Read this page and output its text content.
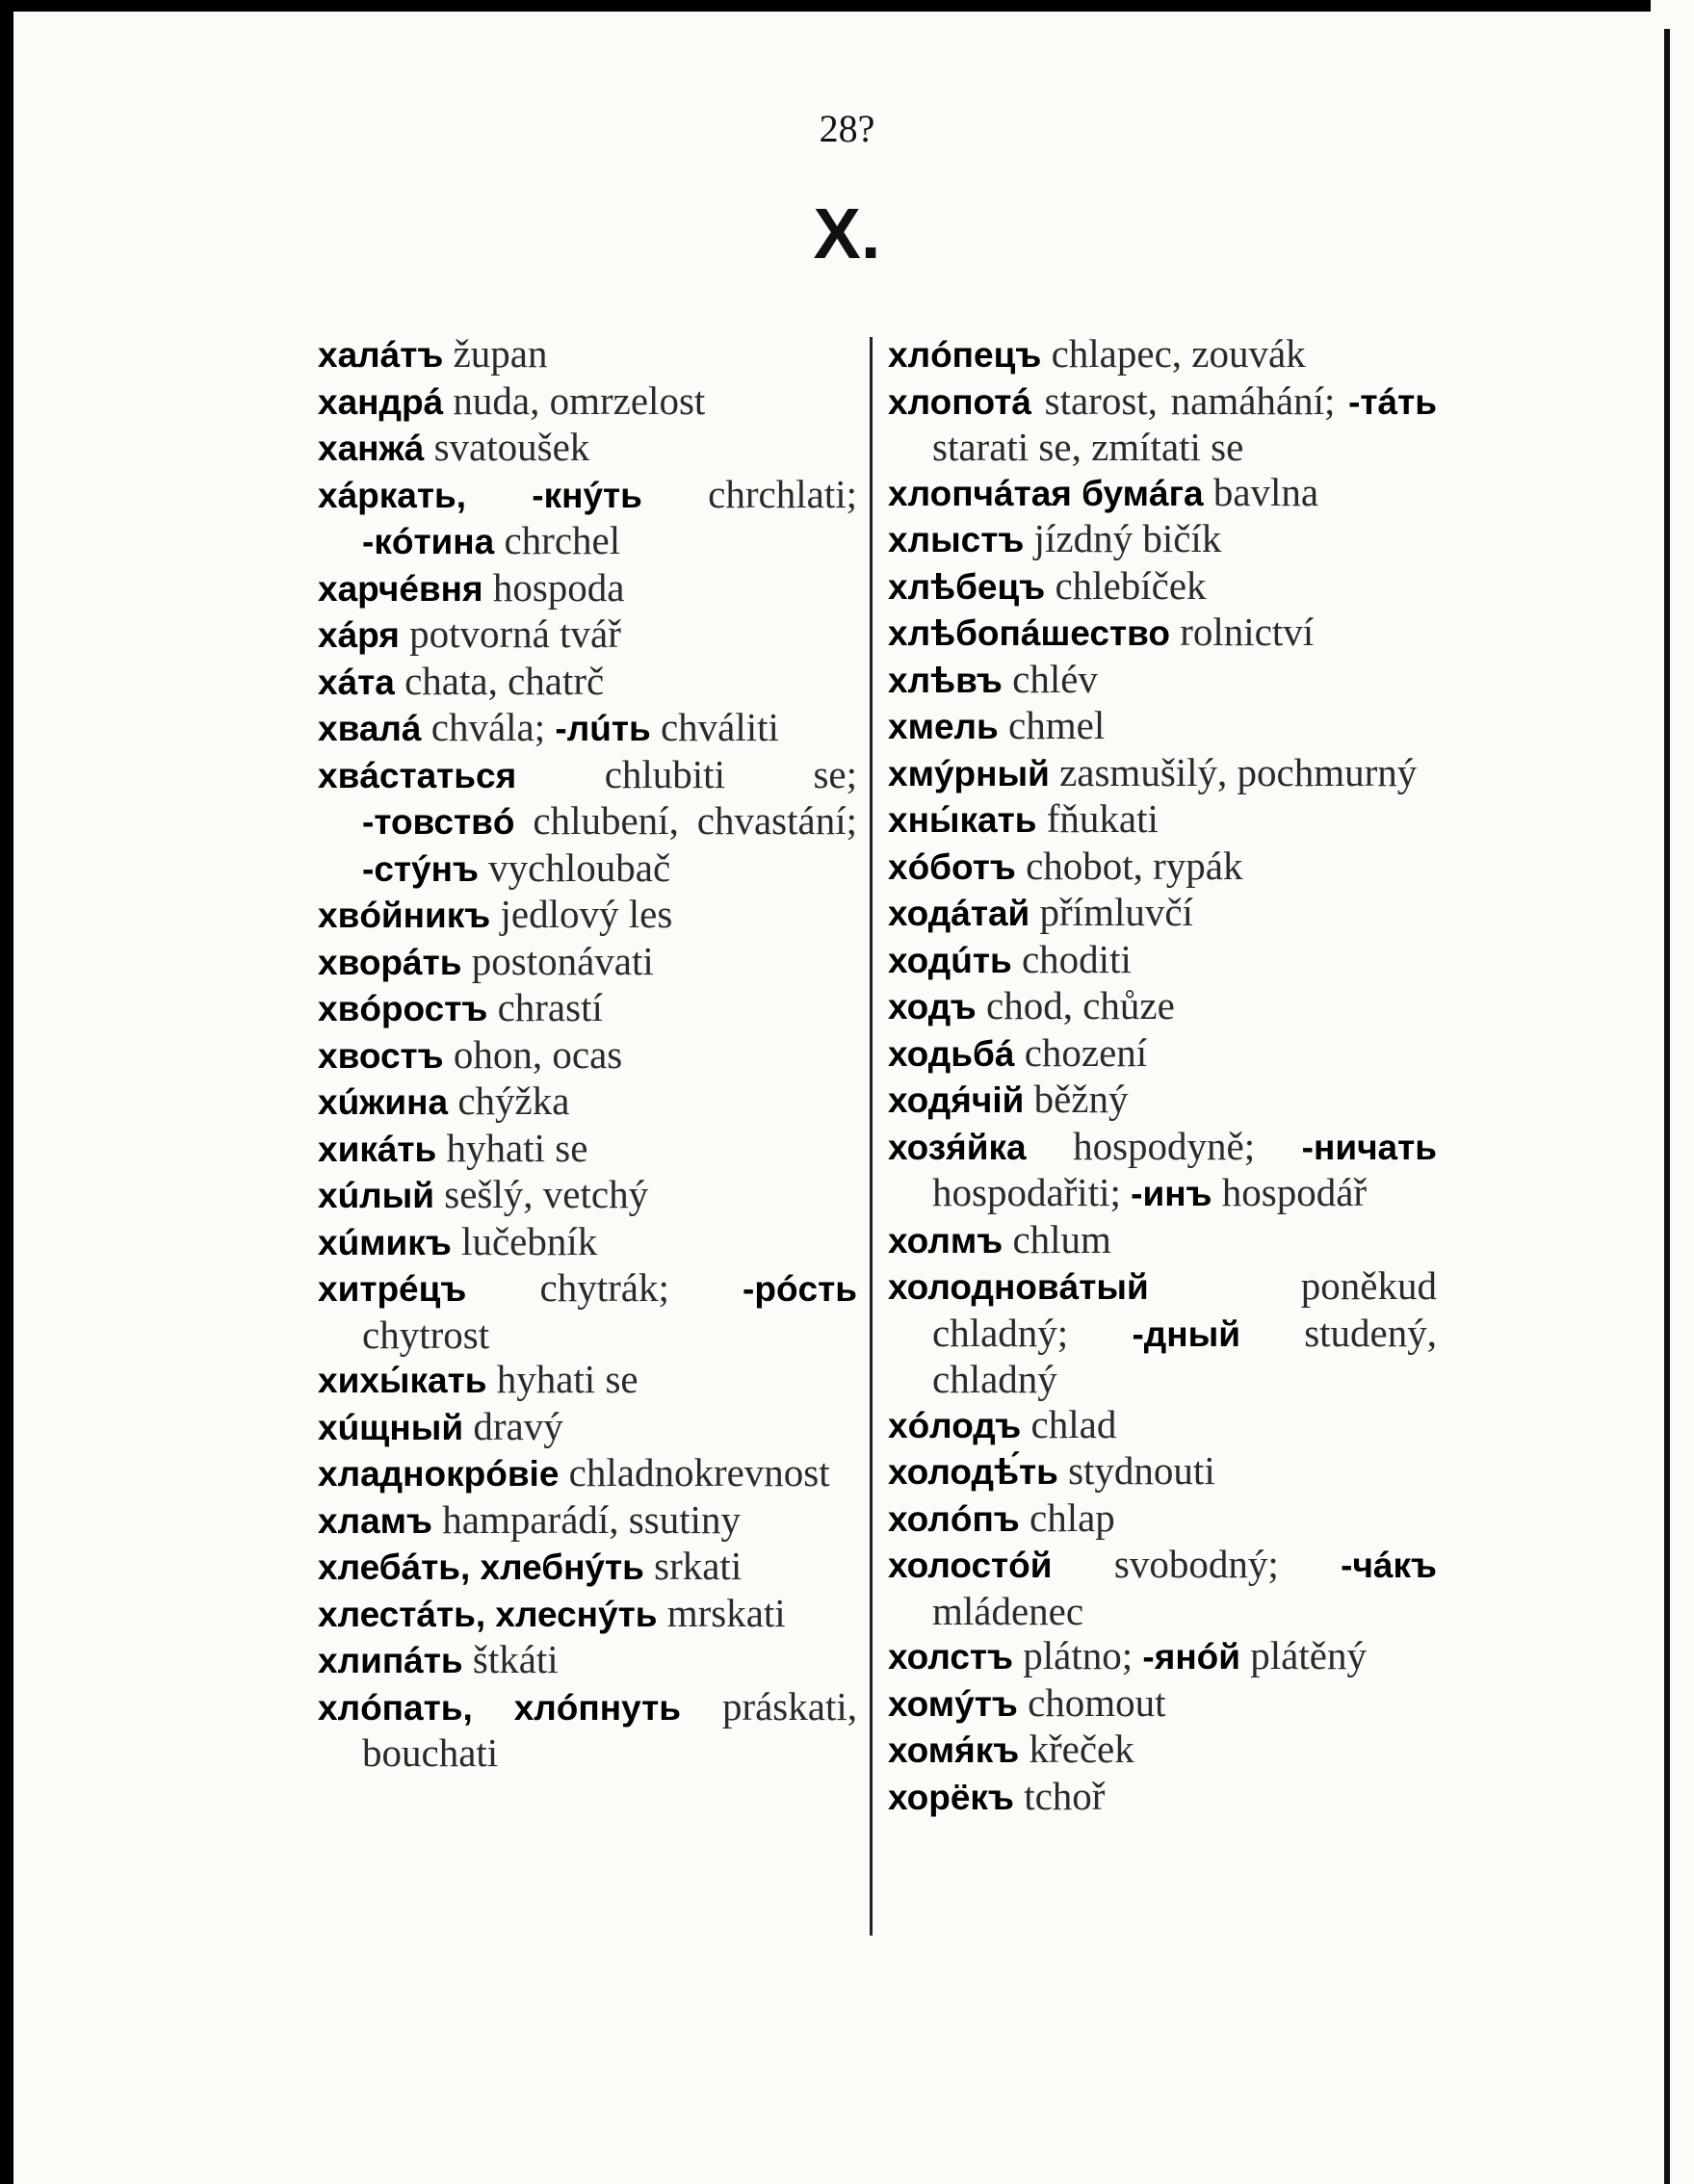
28?
Х.

халáтъ župan

хандрá nuda, omrzelost

ханжá svatoušek

хáркать, -кнýть chrchlati; -кóтина chrchel

харчéвня hospoda

хáря potvorná tvář

хáта chata, chatrč

хвалá chvála; -лúть chváliti

хвáстаться chlubiti se; -товствó chlubení, chvastání; -стýнъ vychloubač

хвóйникъ jedlový les

хворáть postonávati

хвóростъ chrastí

хвостъ ohon, ocas

хúжина chýžka

хикáть hyhati se

хúлый sešlý, vetchý

хúмикъ lučebník

хитрéцъ chytrák; -рóсть chytrost

хихы́кать hyhati se

хúщный dravý

хладнокрóвіе chladnokrevnost

хламъ hamparádí, ssutiny

хлебáть, хлебнýть srkati

хлестáть, хлеснýть mrskati

хлипáть štkáti

хлóпать, хлóпнуть práskati, bouchati

хлóпецъ chlapec, zouvák

хлопотá starost, namáhání; -тáть starati se, zmítati se

хлопчáтая бумáга bavlna

хлыстъ jízdný bičík

хлѣбецъ chlebíček

хлѣбопáшество rolnictví

хлѣвъ chlév

хмель chmel

хмýрный zasmušilý, pochmurný

хны́кать fňukati

хóботъ chobot, rypák

ходáтай přímluvčí

ходúть choditi

ходъ chod, chůze

ходьбá chození

ходя́чій běžný

хозя́йка hospodyně; -ничать hospodařiti; -инъ hospodář

холмъ chlum

холодновáтый poněkud chladný; -дный studený, chladný

хóлодъ chlad

холодѣ́ть stydnouti

холóпъ chlap

холостóй svobodný; -чáкъ mládenec

холстъ plátno; -янóй plátěný

хомýтъ chomout

хомя́къ křeček

хорёкъ tchoř
